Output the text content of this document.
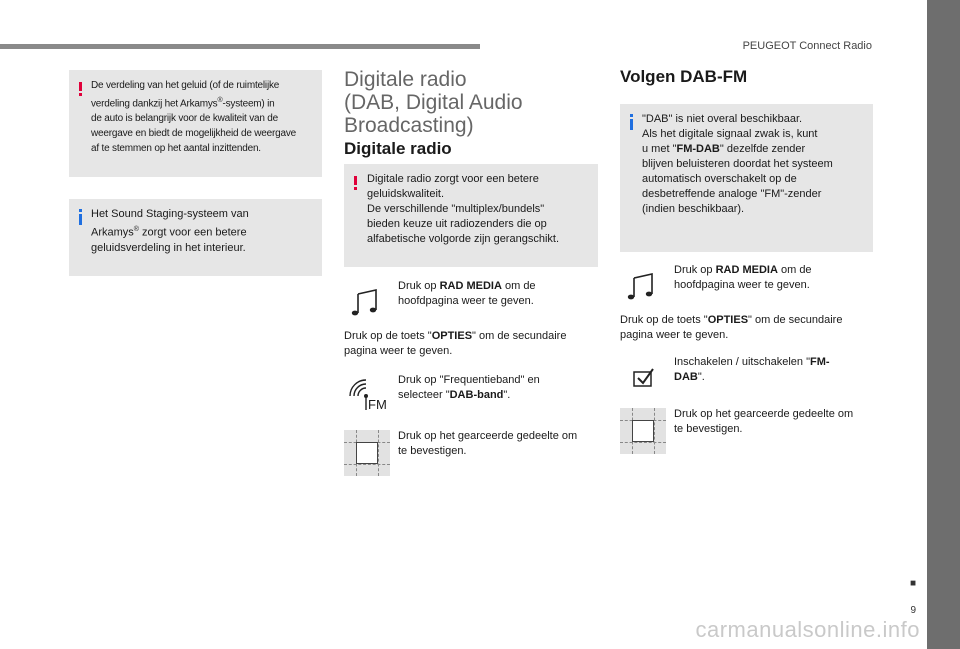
PEUGEOT Connect Radio
■
9
carmanualsonline.info
De verdeling van het geluid (of de ruimtelijke
verdeling dankzij het Arkamys®-systeem) in
de auto is belangrijk voor de kwaliteit van de
weergave en biedt de mogelijkheid de weergave
af te stemmen op het aantal inzittenden.
Het Sound Staging-systeem van
Arkamys® zorgt voor een betere
geluidsverdeling in het interieur.
Digitale radio
(DAB, Digital Audio
Broadcasting)
Digitale radio
Digitale radio zorgt voor een betere
geluidskwaliteit.
De verschillende "multiplex/bundels"
bieden keuze uit radiozenders die op
alfabetische volgorde zijn gerangschikt.
Druk op RAD MEDIA om de
hoofdpagina weer te geven.
Druk op de toets "OPTIES" om de secundaire
pagina weer te geven.
FM
Druk op "Frequentieband" en
selecteer "DAB-band".
Druk op het gearceerde gedeelte om
te bevestigen.
Volgen DAB-FM
"DAB" is niet overal beschikbaar.
Als het digitale signaal zwak is, kunt
u met "FM-DAB" dezelfde zender
blijven beluisteren doordat het systeem
automatisch overschakelt op de
desbetreffende analoge "FM"-zender
(indien beschikbaar).
Druk op RAD MEDIA om de
hoofdpagina weer te geven.
Druk op de toets "OPTIES" om de secundaire
pagina weer te geven.
Inschakelen / uitschakelen "FM-
DAB".
Druk op het gearceerde gedeelte om
te bevestigen.
